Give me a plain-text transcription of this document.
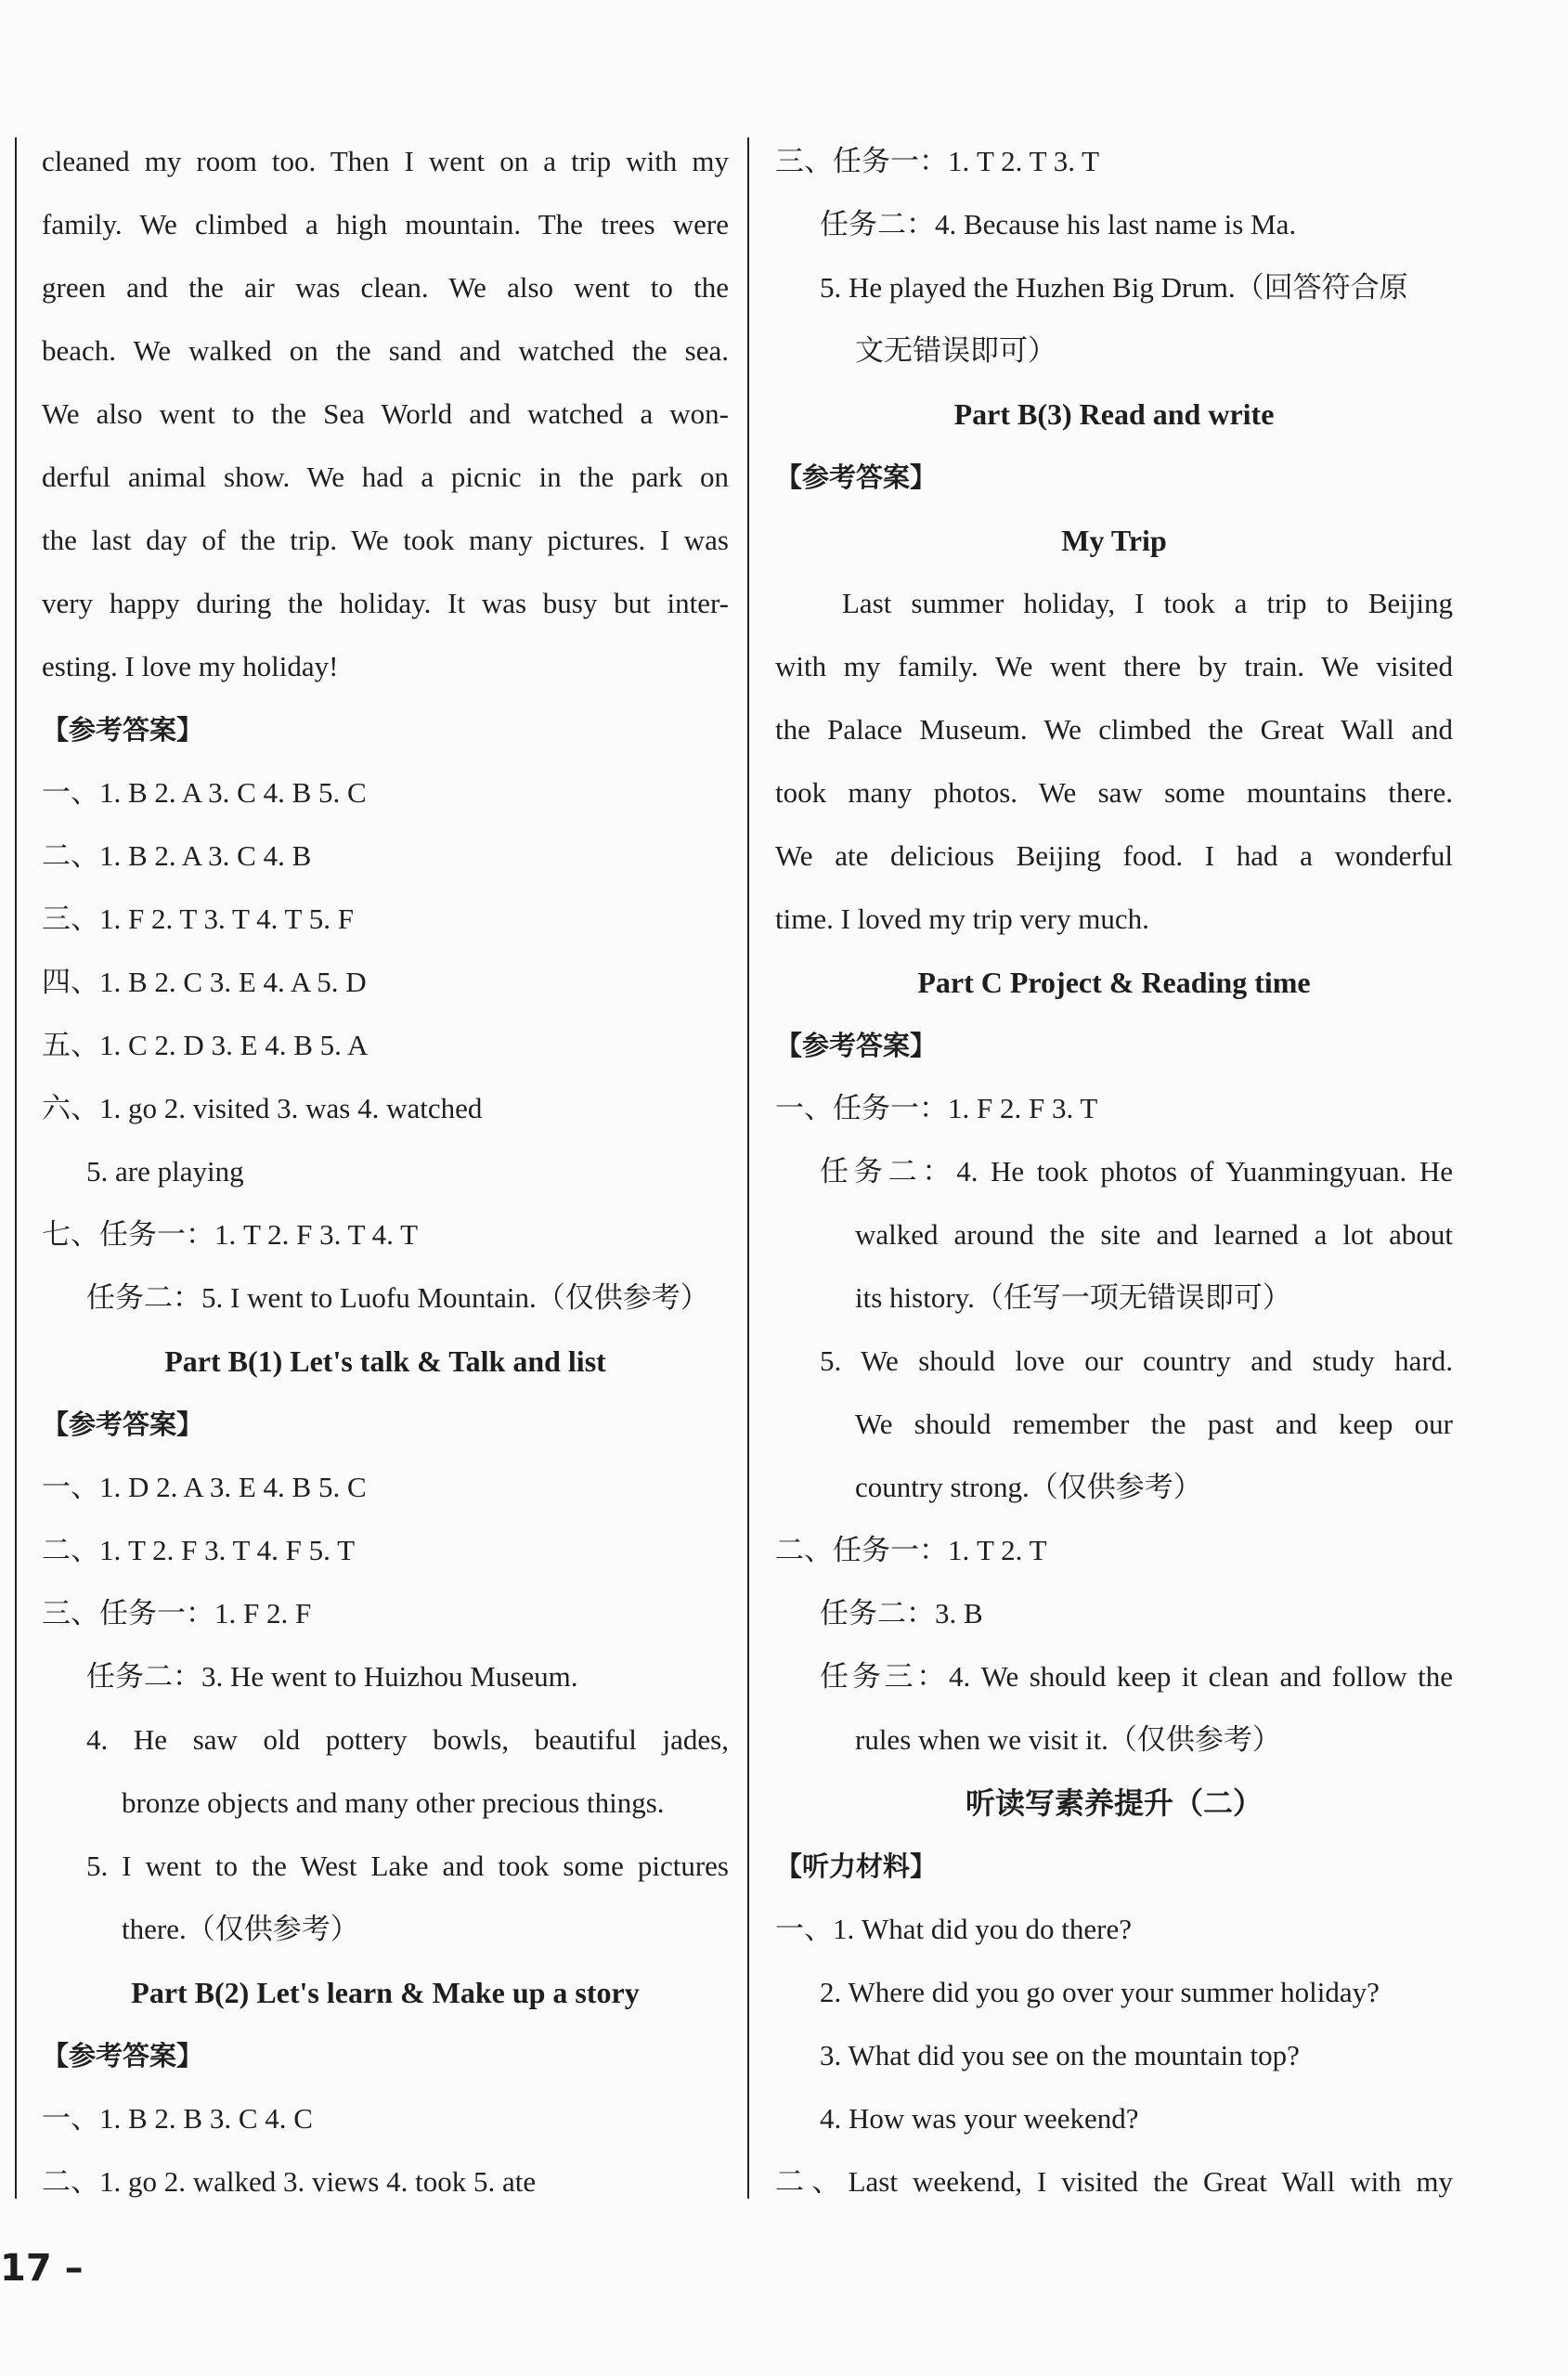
cleaned my room too. Then I went on a trip with my
family. We climbed a high mountain. The trees were
green and the air was clean. We also went to the
beach. We walked on the sand and watched the sea.
We also went to the Sea World and watched a won-
derful animal show. We had a picnic in the park on
the last day of the trip. We took many pictures. I was
very happy during the holiday. It was busy but inter-
esting. I love my holiday!
【参考答案】
一、1. B 2. A 3. C 4. B 5. C
二、1. B 2. A 3. C 4. B
三、1. F 2. T 3. T 4. T 5. F
四、1. B 2. C 3. E 4. A 5. D
五、1. C 2. D 3. E 4. B 5. A
六、1. go 2. visited 3. was 4. watched
5. are playing
七、任务一：1. T 2. F 3. T 4. T
任务二：5. I went to Luofu Mountain.（仅供参考）
Part B(1) Let's talk & Talk and list
【参考答案】
一、1. D 2. A 3. E 4. B 5. C
二、1. T 2. F 3. T 4. F 5. T
三、任务一：1. F 2. F
任务二：3. He went to Huizhou Museum.
4. He saw old pottery bowls, beautiful jades,
bronze objects and many other precious things.
5. I went to the West Lake and took some pictures
there.（仅供参考）
Part B(2) Let's learn & Make up a story
【参考答案】
一、1. B 2. B 3. C 4. C
二、1. go 2. walked 3. views 4. took 5. ate
三、任务一：1. T 2. T 3. T
任务二：4. Because his last name is Ma.
5. He played the Huzhen Big Drum.（回答符合原
文无错误即可）
Part B(3) Read and write
【参考答案】
My Trip
Last summer holiday, I took a trip to Beijing
with my family. We went there by train. We visited
the Palace Museum. We climbed the Great Wall and
took many photos. We saw some mountains there.
We ate delicious Beijing food. I had a wonderful
time. I loved my trip very much.
Part C Project & Reading time
【参考答案】
一、任务一：1. F 2. F 3. T
任务二：4. He took photos of Yuanmingyuan. He
walked around the site and learned a lot about
its history.（任写一项无错误即可）
5. We should love our country and study hard.
We should remember the past and keep our
country strong.（仅供参考）
二、任务一：1. T 2. T
任务二：3. B
任务三：4. We should keep it clean and follow the
rules when we visit it.（仅供参考）
听读写素养提升（二）
【听力材料】
一、1. What did you do there?
2. Where did you go over your summer holiday?
3. What did you see on the mountain top?
4. How was your weekend?
二、Last weekend, I visited the Great Wall with my
17 –
